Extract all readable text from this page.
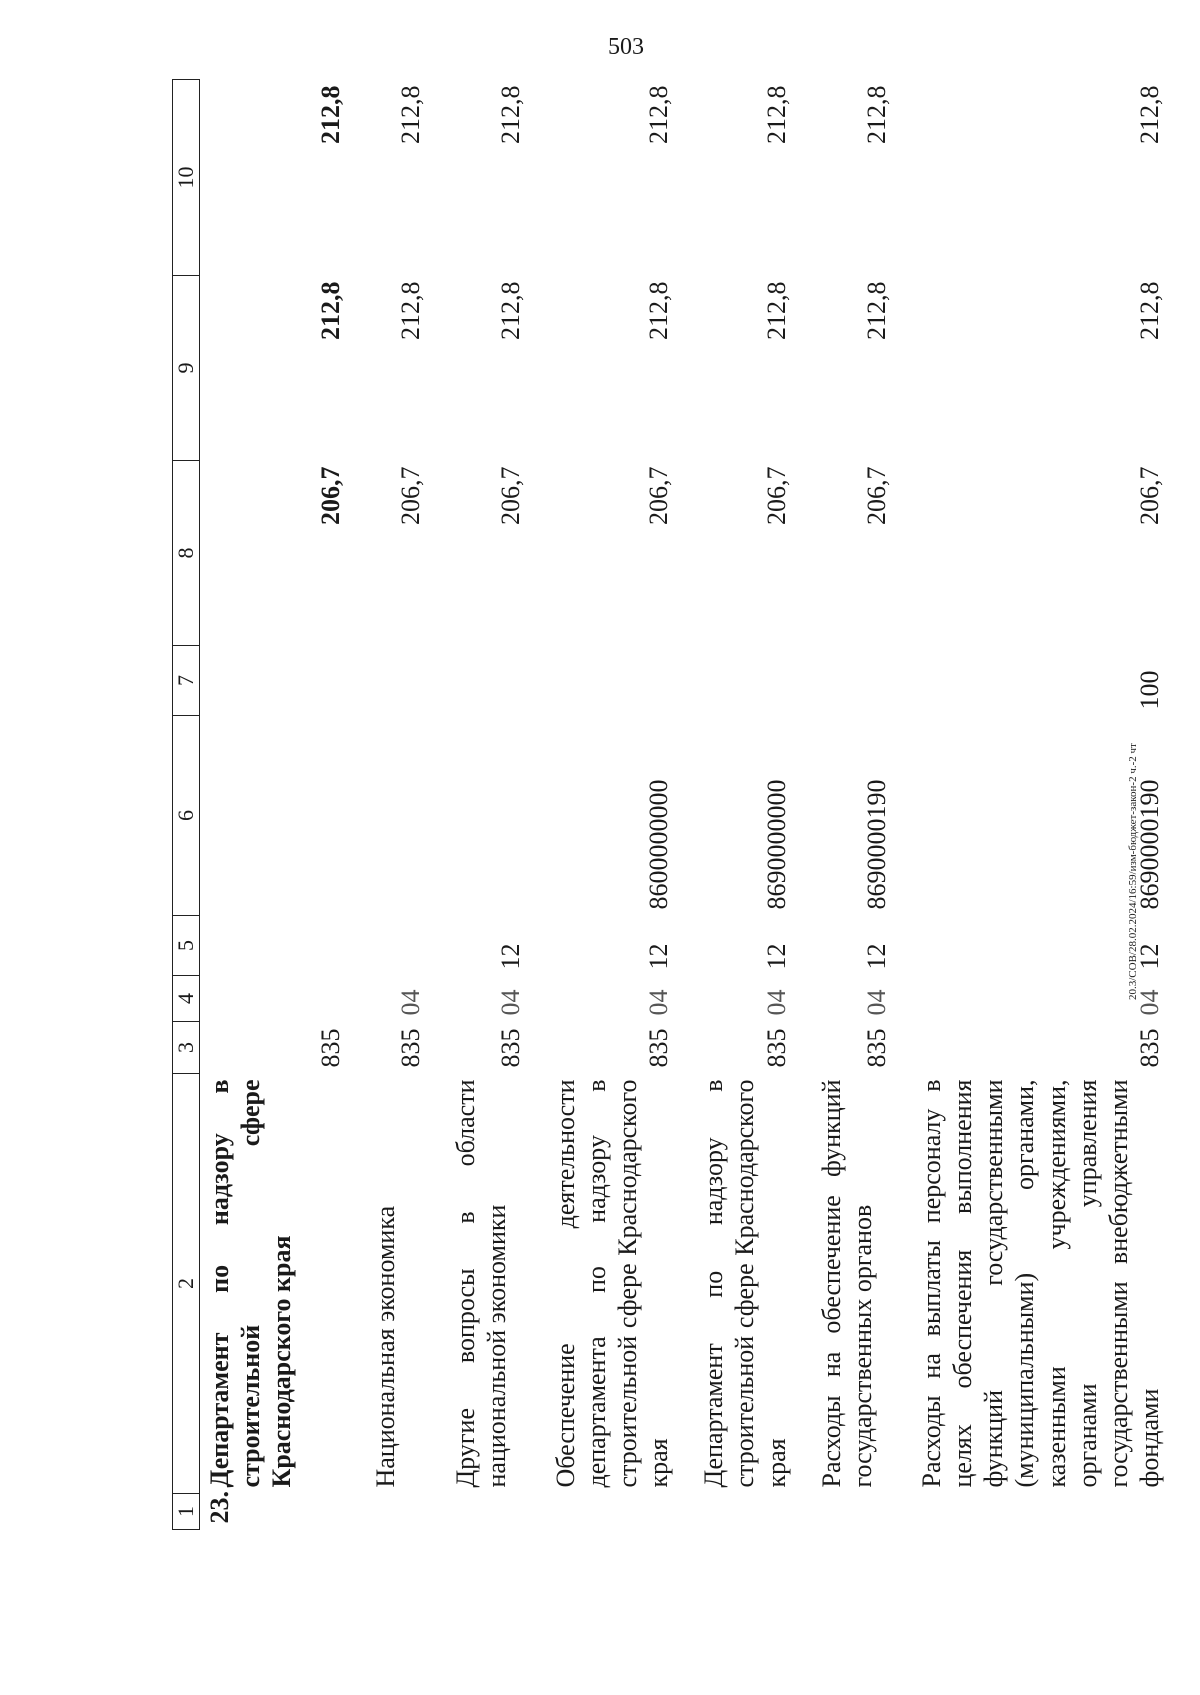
503
20.3/СОВ/28.02.2024/16:59/изм-бюджет-закон-2 ч.-2 чт
1	2	3	4	5	6	7	8	9	10
23.	Департамент по надзору в строительной сфере Краснодарского края	835					206,7	212,8	212,8
	Национальная экономика	835	04				206,7	212,8	212,8
	Другие вопросы в области национальной экономики	835	04	12			206,7	212,8	212,8
	Обеспечение деятельности департамента по надзору в строительной сфере Краснодарского края	835	04	12	8600000000		206,7	212,8	212,8
	Департамент по надзору в строительной сфере Краснодарского края	835	04	12	8690000000		206,7	212,8	212,8
	Расходы на обеспечение функций государственных органов	835	04	12	8690000190		206,7	212,8	212,8
	Расходы на выплаты персоналу в целях обеспечения выполнения функций государственными (муниципальными) органами, казенными учреждениями, органами управления государственными внебюджетными фондами	835	04	12	8690000190	100	206,7	212,8	212,8
